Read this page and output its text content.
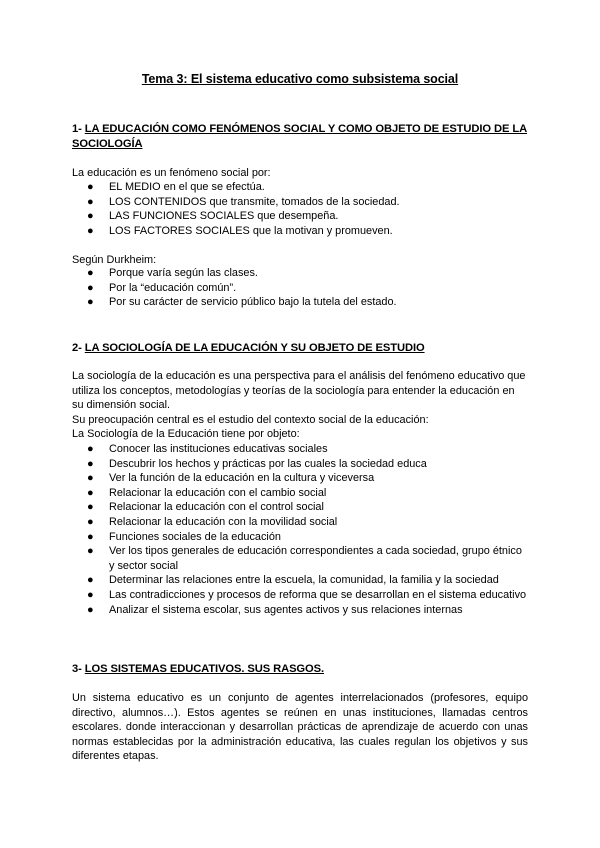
Tema 3: El sistema educativo como subsistema social
1- LA EDUCACIÓN COMO FENÓMENOS SOCIAL Y COMO OBJETO DE ESTUDIO DE LA SOCIOLOGÍA
La educación es un fenómeno social por:
● EL MEDIO en el que se efectúa.
● LOS CONTENIDOS que transmite, tomados de la sociedad.
● LAS FUNCIONES SOCIALES que desempeña.
● LOS FACTORES SOCIALES que la motivan y promueven.
Según Durkheim:
● Porque varía según las clases.
● Por la “educación común”.
● Por su carácter de servicio público bajo la tutela del estado.
2- LA SOCIOLOGÍA DE LA EDUCACIÓN Y SU OBJETO DE ESTUDIO
La sociología de la educación es una perspectiva para el análisis del fenómeno educativo que utiliza los conceptos, metodologías y teorías de la sociología para entender la educación en su dimensión social.
Su preocupación central es el estudio del contexto social de la educación:
La Sociología de la Educación tiene por objeto:
● Conocer las instituciones educativas sociales
● Descubrir los hechos y prácticas por las cuales la sociedad educa
● Ver la función de la educación en la cultura y viceversa
● Relacionar la educación con el cambio social
● Relacionar la educación con el control social
● Relacionar la educación con la movilidad social
● Funciones sociales de la educación
● Ver los tipos generales de educación correspondientes a cada sociedad, grupo étnico y sector social
● Determinar las relaciones entre la escuela, la comunidad, la familia y la sociedad
● Las contradicciones y procesos de reforma que se desarrollan en el sistema educativo
● Analizar el sistema escolar, sus agentes activos y sus relaciones internas
3- LOS SISTEMAS EDUCATIVOS. SUS RASGOS.
Un sistema educativo es un conjunto de agentes interrelacionados (profesores, equipo directivo, alumnos…). Estos agentes se reúnen en unas instituciones, llamadas centros escolares. donde interaccionan y desarrollan prácticas de aprendizaje de acuerdo con unas normas establecidas por la administración educativa, las cuales regulan los objetivos y sus diferentes etapas.
